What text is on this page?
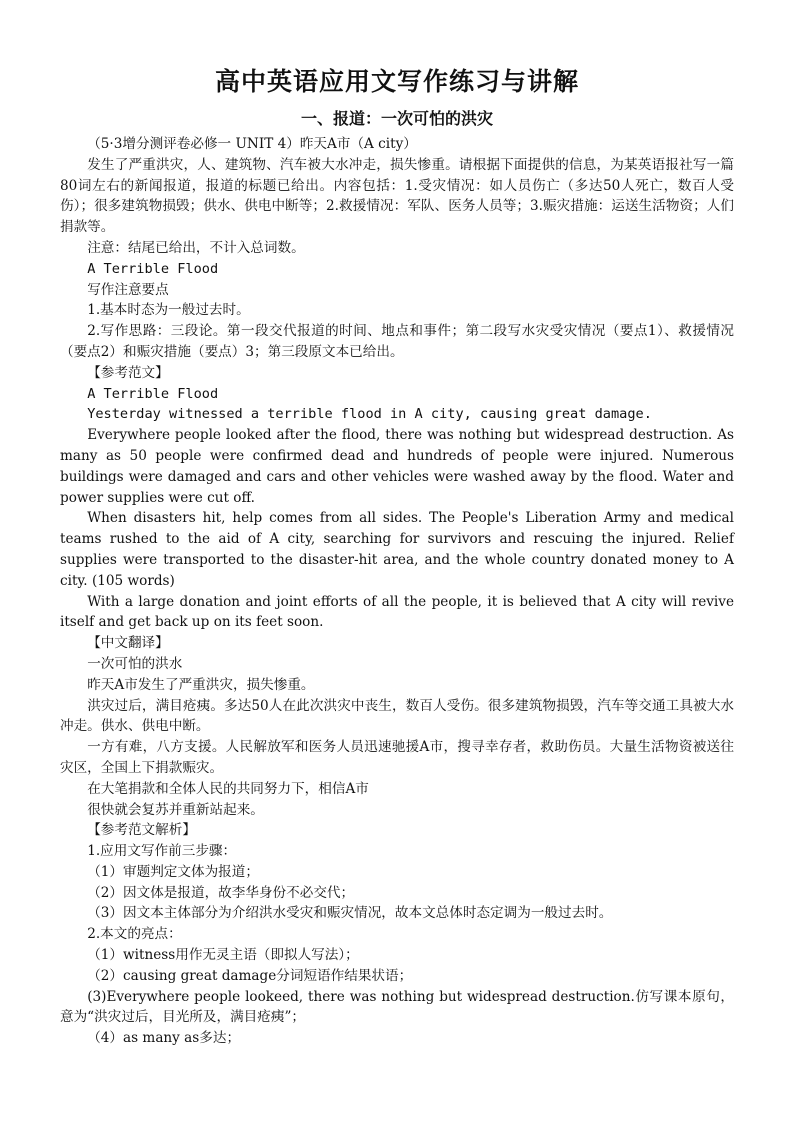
高中英语应用文写作练习与讲解
一、报道：一次可怕的洪灾

（5·3增分测评卷必修一 UNIT 4）昨天A市（A city）

发生了严重洪灾，人、建筑物、汽车被大水冲走，损失惨重。请根据下面提供的信息，为某英语报社写一篇80词左右的新闻报道，报道的标题已给出。内容包括：1.受灾情况：如人员伤亡（多达50人死亡，数百人受伤）；很多建筑物损毁；供水、供电中断等；2.救援情况：军队、医务人员等；3.赈灾措施：运送生活物资；人们捐款等。

注意：结尾已给出，不计入总词数。

A Terrible Flood

写作注意要点

1.基本时态为一般过去时。

2.写作思路：三段论。第一段交代报道的时间、地点和事件；第二段写水灾受灾情况（要点1）、救援情况（要点2）和赈灾措施（要点）3；第三段原文本已给出。

【参考范文】

A Terrible Flood

Yesterday witnessed a terrible flood in A city, causing great damage.

Everywhere people looked after the flood, there was nothing but widespread destruction. As many as 50 people were confirmed dead and hundreds of people were injured. Numerous buildings were damaged and cars and other vehicles were washed away by the flood. Water and power supplies were cut off.

When disasters hit, help comes from all sides. The People's Liberation Army and medical teams rushed to the aid of A city, searching for survivors and rescuing the injured. Relief supplies were transported to the disaster-hit area, and the whole country donated money to A city. (105 words)

With a large donation and joint efforts of all the people, it is believed that A city will revive itself and get back up on its feet soon.

【中文翻译】

一次可怕的洪水

昨天A市发生了严重洪灾，损失惨重。

洪灾过后，满目疮痍。多达50人在此次洪灾中丧生，数百人受伤。很多建筑物损毁，汽车等交通工具被大水冲走。供水、供电中断。

一方有难，八方支援。人民解放军和医务人员迅速驰援A市，搜寻幸存者，救助伤员。大量生活物资被送往灾区，全国上下捐款赈灾。

在大笔捐款和全体人民的共同努力下，相信A市

很快就会复苏并重新站起来。

【参考范文解析】

1.应用文写作前三步骤：

（1）审题判定文体为报道；

（2）因文体是报道，故李华身份不必交代；

（3）因文本主体部分为介绍洪水受灾和赈灾情况，故本文总体时态定调为一般过去时。

2.本文的亮点：

（1）witness用作无灵主语（即拟人写法）；

（2）causing great damage分词短语作结果状语；

(3)Everywhere people lookeed, there was nothing but widespread destruction.仿写课本原句，意为“洪灾过后，目光所及，满目疮痍”；

（4）as many as多达；
